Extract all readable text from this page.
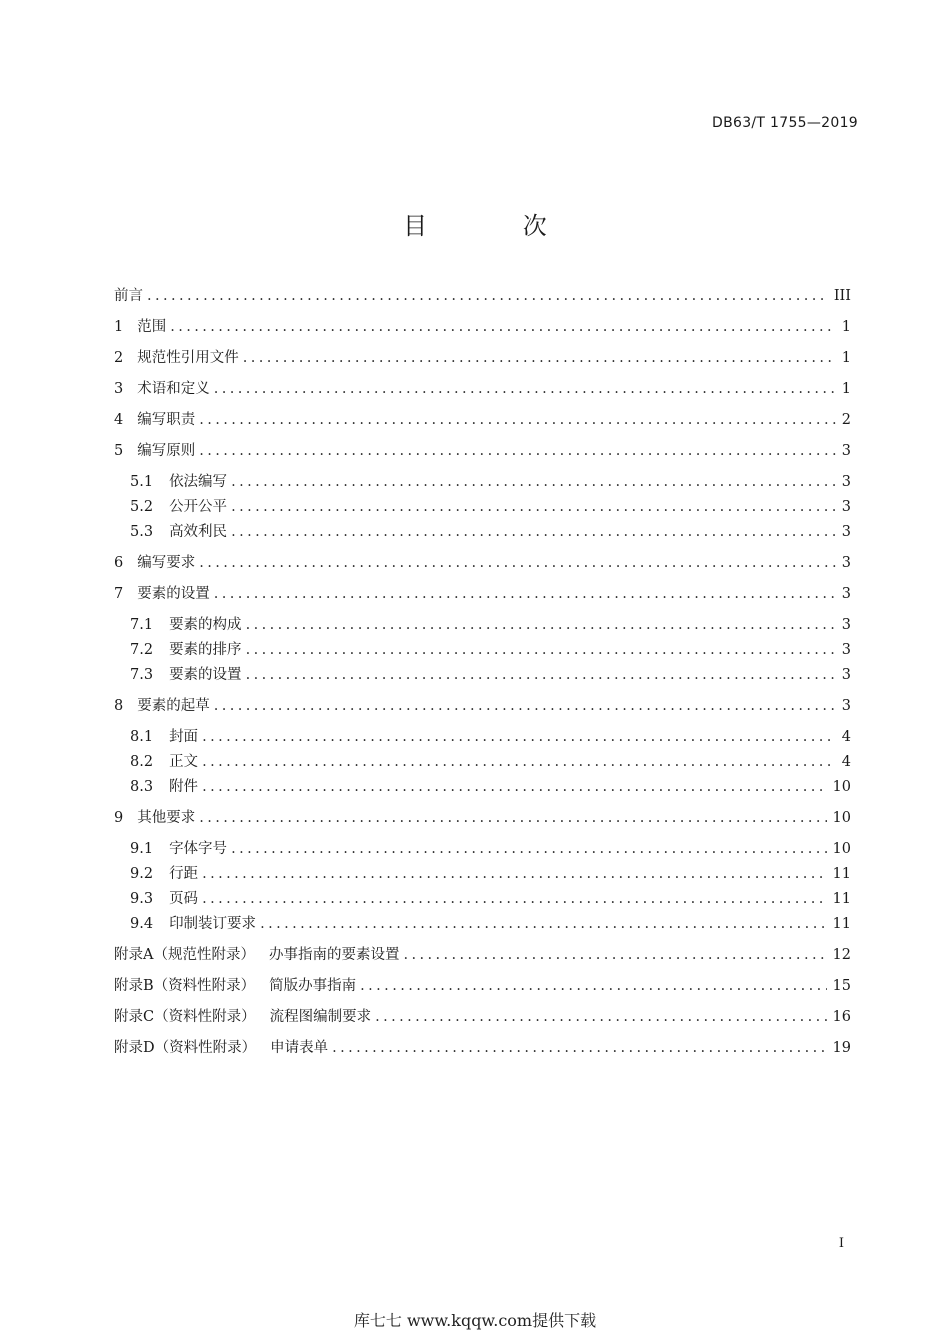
DB63/T 1755—2019
目 次
前言 .....	III
1 范围 .....	1
2 规范性引用文件 .....	1
3 术语和定义 .....	1
4 编写职责 .....	2
5 编写原则 .....	3
5.1 依法编写 .....	3
5.2 公开公平 .....	3
5.3 高效利民 .....	3
6 编写要求 .....	3
7 要素的设置 .....	3
7.1 要素的构成 .....	3
7.2 要素的排序 .....	3
7.3 要素的设置 .....	3
8 要素的起草 .....	3
8.1 封面 .....	4
8.2 正文 .....	4
8.3 附件 .....	10
9 其他要求 .....	10
9.1 字体字号 .....	10
9.2 行距 .....	11
9.3 页码 .....	11
9.4 印制装订要求 .....	11
附录A（规范性附录） 办事指南的要素设置 .....	12
附录B（资料性附录） 简版办事指南 .....	15
附录C（资料性附录） 流程图编制要求 .....	16
附录D（资料性附录） 申请表单 .....	19
I
库七七 www.kqqw.com提供下载
